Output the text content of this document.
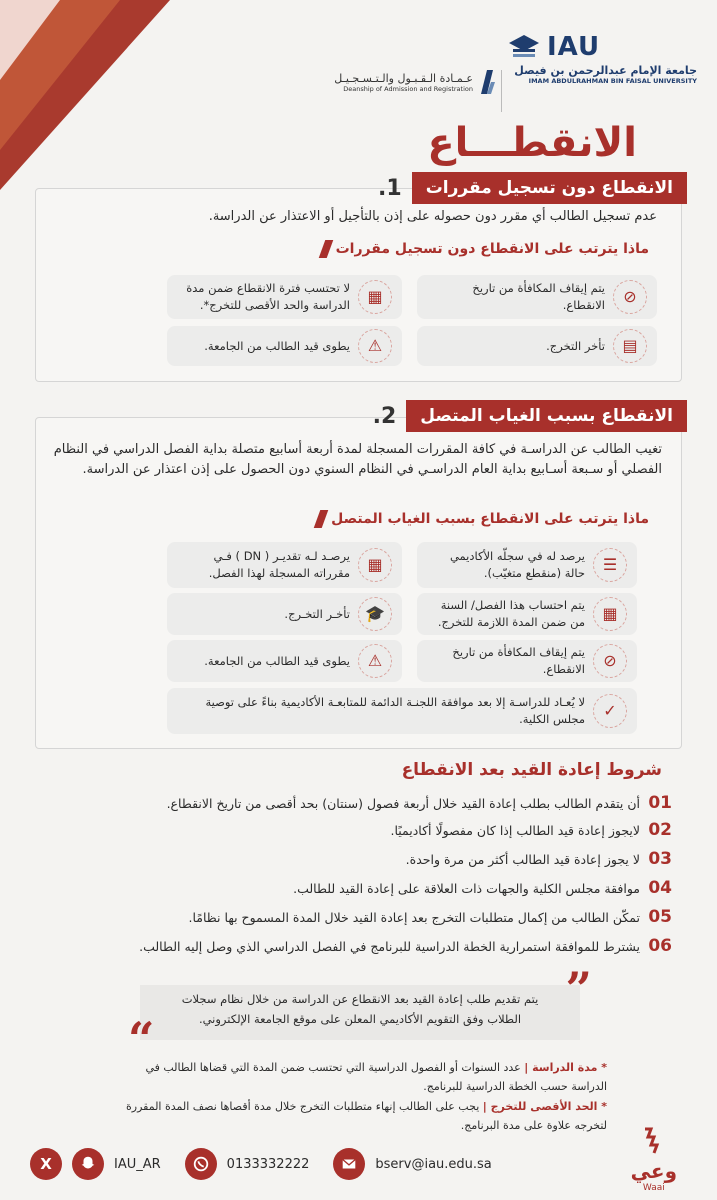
IAU
جامعة الإمام عبدالرحمن بن فيصل
IMAM ABDULRAHMAN BIN FAISAL UNIVERSITY
عـمـادة الـقـبـول والـتـسـجـيـل
Deanship of Admission and Registration
الانقطـــاع
الانقطاع دون تسجيل مقررات
1.
عدم تسجيل الطالب أي مقرر دون حصوله على إذن بالتأجيل أو الاعتذار عن الدراسة.
ماذا يترتب على الانقطاع دون تسجيل مقررات
⊘
يتم إيقاف المكافأة من تاريخ الانقطاع.
▦
لا تحتسب فترة الانقطاع ضمن مدة الدراسة والحد الأقصى للتخرج*.
▤
تأخر التخرج.
⚠
يطوى قيد الطالب من الجامعة.
الانقطاع بسبب الغياب المتصل
2.
تغيب الطالب عن الدراسـة في كافة المقررات المسجلة لمدة أربعة أسابيع متصلة بداية الفصل الدراسي في النظام الفصلي أو سـبعة أسـابيع بداية العام الدراسـي في النظام السنوي دون الحصول على إذن اعتذار عن الدراسة.
ماذا يترتب على الانقطاع بسبب الغياب المتصل
☰
يرصد له في سجلّه الأكاديمي حالة (منقطع متغيّب).
▦
يرصـد لـه تقديـر ( DN ) فـي مقرراته المسجلة لهذا الفصل.
▦
يتم احتساب هذا الفصل/ السنة من ضمن المدة اللازمة للتخرج.
🎓
تأخـر التخـرج.
⊘
يتم إيقاف المكافأة من تاريخ الانقطاع.
⚠
يطوى قيد الطالب من الجامعة.
✓
لا يُعـاد للدراسـة إلا بعد موافقة اللجنـة الدائمة للمتابعـة الأكاديمية بناءً على توصية مجلس الكلية.
شروط إعادة القيد بعد الانقطاع
01
أن يتقدم الطالب بطلب إعادة القيد خلال أربعة فصول (سنتان) بحد أقصى من تاريخ الانقطاع.
02
لايجوز إعادة قيد الطالب إذا كان مفصولًا أكاديميًا.
03
لا يجوز إعادة قيد الطالب أكثر من مرة واحدة.
04
موافقة مجلس الكلية والجهات ذات العلاقة على إعادة القيد للطالب.
05
تمكّن الطالب من إكمال متطلبات التخرج بعد إعادة القيد خلال المدة المسموح بها نظامًا.
06
يشترط للموافقة استمرارية الخطة الدراسية للبرنامج في الفصل الدراسي الذي وصل إليه الطالب.
يتم تقديم طلب إعادة القيد بعد الانقطاع عن الدراسة من خلال نظام سجلات
الطلاب وفق التقويم الأكاديمي المعلن على موقع الجامعة الإلكتروني.
”
“
* مدة الدراسة | عدد السنوات أو الفصول الدراسية التي تحتسب ضمن المدة التي قضاها الطالب في الدراسة حسب الخطة الدراسية للبرنامج.
* الحد الأقصى للتخرج | يجب على الطالب إنهاء متطلبات التخرج خلال مدة أقصاها نصف المدة المقررة لتخرجه علاوة على مدة البرنامج.
X	IAU_AR	0133332222	bserv@iau.edu.sa	وعي
Waai
